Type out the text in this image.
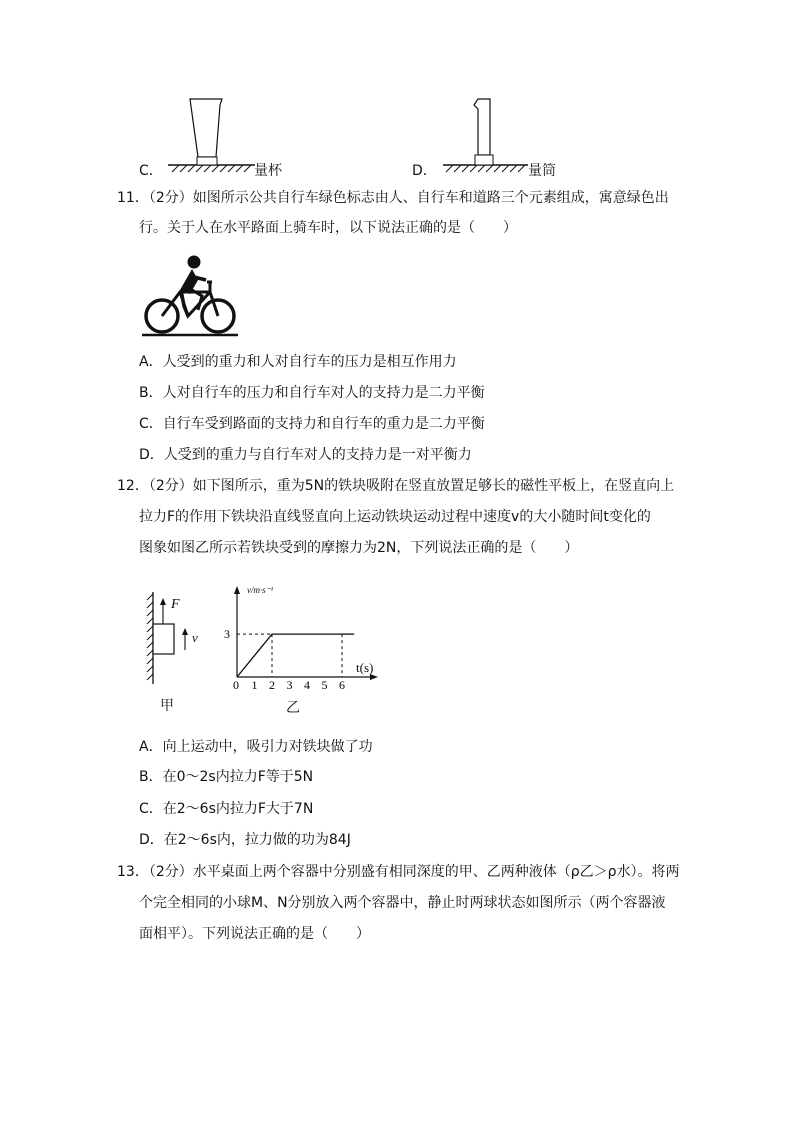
C．	量杯	D．	量筒
11．（2分）如图所示公共自行车绿色标志由人、自行车和道路三个元素组成，寓意绿色出
行。关于人在水平路面上骑车时，以下说法正确的是（　　）
A．人受到的重力和人对自行车的压力是相互作用力
B．人对自行车的压力和自行车对人的支持力是二力平衡
C．自行车受到路面的支持力和自行车的重力是二力平衡
D．人受到的重力与自行车对人的支持力是一对平衡力
12．（2分）如下图所示，重为5N的铁块吸附在竖直放置足够长的磁性平板上，在竖直向上
拉力F的作用下铁块沿直线竖直向上运动铁块运动过程中速度v的大小随时间t变化的
图象如图乙所示若铁块受到的摩擦力为2N，下列说法正确的是（　　）
F
v
甲
3
0 1 2 3 4 5 6
v/m·s⁻¹
t(s)
乙
A．向上运动中，吸引力对铁块做了功
B．在0～2s内拉力F等于5N
C．在2～6s内拉力F大于7N
D．在2～6s内，拉力做的功为84J
13．（2分）水平桌面上两个容器中分别盛有相同深度的甲、乙两种液体（ρ乙＞ρ水）。将两
个完全相同的小球M、N分别放入两个容器中，静止时两球状态如图所示（两个容器液
面相平）。下列说法正确的是（　　）
